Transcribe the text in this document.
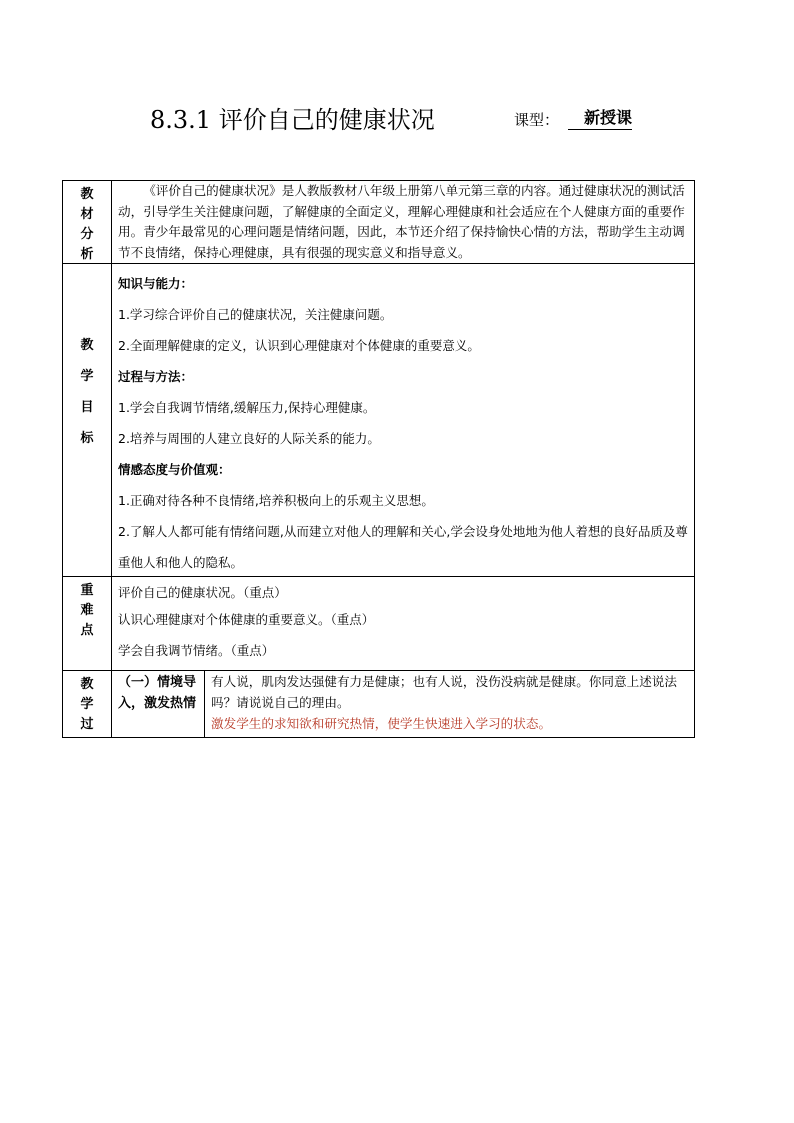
8.3.1 评价自己的健康状况	课型：	新授课
教
材
分
析
《评价自己的健康状况》是人教版教材八年级上册第八单元第三章的内容。通过健康状况的测试活动，引导学生关注健康问题，了解健康的全面定义，理解心理健康和社会适应在个人健康方面的重要作用。青少年最常见的心理问题是情绪问题，因此，本节还介绍了保持愉快心情的方法，帮助学生主动调节不良情绪，保持心理健康，具有很强的现实意义和指导意义。
教
学
目
标
知识与能力：
1.学习综合评价自己的健康状况，关注健康问题。
2.全面理解健康的定义，认识到心理健康对个体健康的重要意义。
过程与方法：
1.学会自我调节情绪,缓解压力,保持心理健康。
2.培养与周围的人建立良好的人际关系的能力。
情感态度与价值观：
1.正确对待各种不良情绪,培养积极向上的乐观主义思想。
2.了解人人都可能有情绪问题,从而建立对他人的理解和关心,学会设身处地地为他人着想的良好品质及尊重他人和他人的隐私。
重
难
点
评价自己的健康状况。（重点）
认识心理健康对个体健康的重要意义。（重点）
学会自我调节情绪。（重点）
教
学
过
（一）情境导入，激发热情
有人说，肌肉发达强健有力是健康；也有人说，没伤没病就是健康。你同意上述说法吗？请说说自己的理由。
激发学生的求知欲和研究热情，使学生快速进入学习的状态。
